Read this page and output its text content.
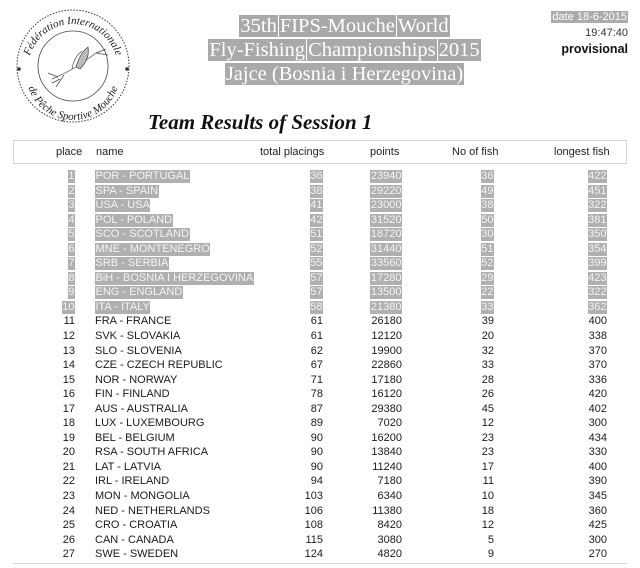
Fédération Internationale
de Pêche Sportive Mouche
35th FIPS-Mouche World
Fly-Fishing Championships 2015
Jajce (Bosnia i Herzegovina)
date 18-6-2015
19:47:40
provisional
Team Results of Session 1
place name	total placings	points	No of fish	longest fish
1 POR - PORTUGAL	36	23940	36	422
2 SPA - SPAIN	38	29220	49	451
3 USA - USA	41	23000	38	322
4 POL - POLAND	42	31520	50	381
5 SCO - SCOTLAND	51	18720	30	350
6 MNE - MONTENEGRO	52	31440	51	354
7 SRB - SERBIA	55	33560	52	399
8 BiH - BOSNIA I HERZEGOVINA	57	17280	29	423
9 ENG - ENGLAND	57	13500	22	322
10 ITA - ITALY	58	21380	33	362
11 FRA - FRANCE	61	26180	39	400
12 SVK - SLOVAKIA	61	12120	20	338
13 SLO - SLOVENIA	62	19900	32	370
14 CZE - CZECH REPUBLIC	67	22860	33	370
15 NOR - NORWAY	71	17180	28	336
16 FIN - FINLAND	78	16120	26	420
17 AUS - AUSTRALIA	87	29380	45	402
18 LUX - LUXEMBOURG	89	7020	12	300
19 BEL - BELGIUM	90	16200	23	434
20 RSA - SOUTH AFRICA	90	13840	23	330
21 LAT - LATVIA	90	11240	17	400
22 IRL - IRELAND	94	7180	11	390
23 MON - MONGOLIA	103	6340	10	345
24 NED - NETHERLANDS	106	11380	18	360
25 CRO - CROATIA	108	8420	12	425
26 CAN - CANADA	115	3080	5	300
27 SWE - SWEDEN	124	4820	9	270
